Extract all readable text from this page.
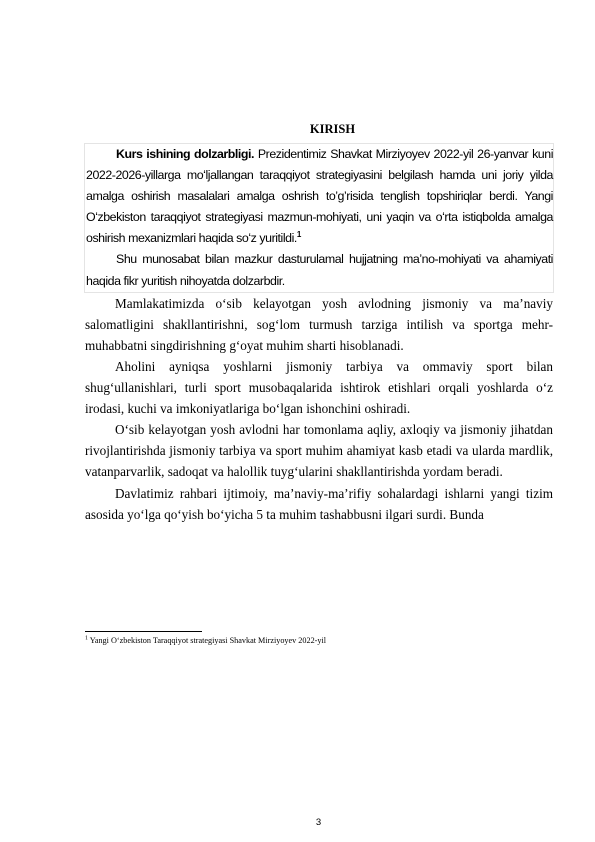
KIRISH

Kurs ishining dolzarbligi. Prezidentimiz Shavkat Mirziyoyev 2022-yil 26-yanvar kuni 2022-2026-yillarga moʻljallangan taraqqiyot strategiyasini belgilash hamda uni joriy yilda amalga oshirish masalalari amalga oshrish to’g’risida tenglish topshiriqlar berdi. Yangi Oʻzbekiston taraqqiyot strategiyasi mazmun-mohiyati, uni yaqin va oʻrta istiqbolda amalga oshirish mexanizmlari haqida soʻz yuritildi.$^1$

Shu munosabat bilan mazkur dasturulamal hujjatning maʼno-mohiyati va ahamiyati haqida fikr yuritish nihoyatda dolzarbdir.

Mamlakatimizda o‘sib kelayotgan yosh avlodning jismoniy va ma’naviy salomatligini shakllantirishni, sog‘lom turmush tarziga intilish va sportga mehr-muhabbatni singdirishning g‘oyat muhim sharti hisoblanadi.

Aholini ayniqsa yoshlarni jismoniy tarbiya va ommaviy sport bilan shug‘ullanishlari, turli sport musobaqalarida ishtirok etishlari orqali yoshlarda o‘z irodasi, kuchi va imkoniyatlariga bo‘lgan ishonchini oshiradi.

O‘sib kelayotgan yosh avlodni har tomonlama aqliy, axloqiy va jismoniy jihatdan rivojlantirishda jismoniy tarbiya va sport muhim ahamiyat kasb etadi va ularda mardlik, vatanparvarlik, sadoqat va halollik tuyg‘ularini shakllantirishda yordam beradi.

Davlatimiz rahbari ijtimoiy, ma’naviy-ma’rifiy sohalardagi ishlarni yangi tizim asosida yo‘lga qo‘yish bo‘yicha 5 ta muhim tashabbusni ilgari surdi. Bunda

$^1$ Yangi Oʻzbekiston Taraqqiyot strategiyasi Shavkat Mirziyoyev 2022-yil
3
